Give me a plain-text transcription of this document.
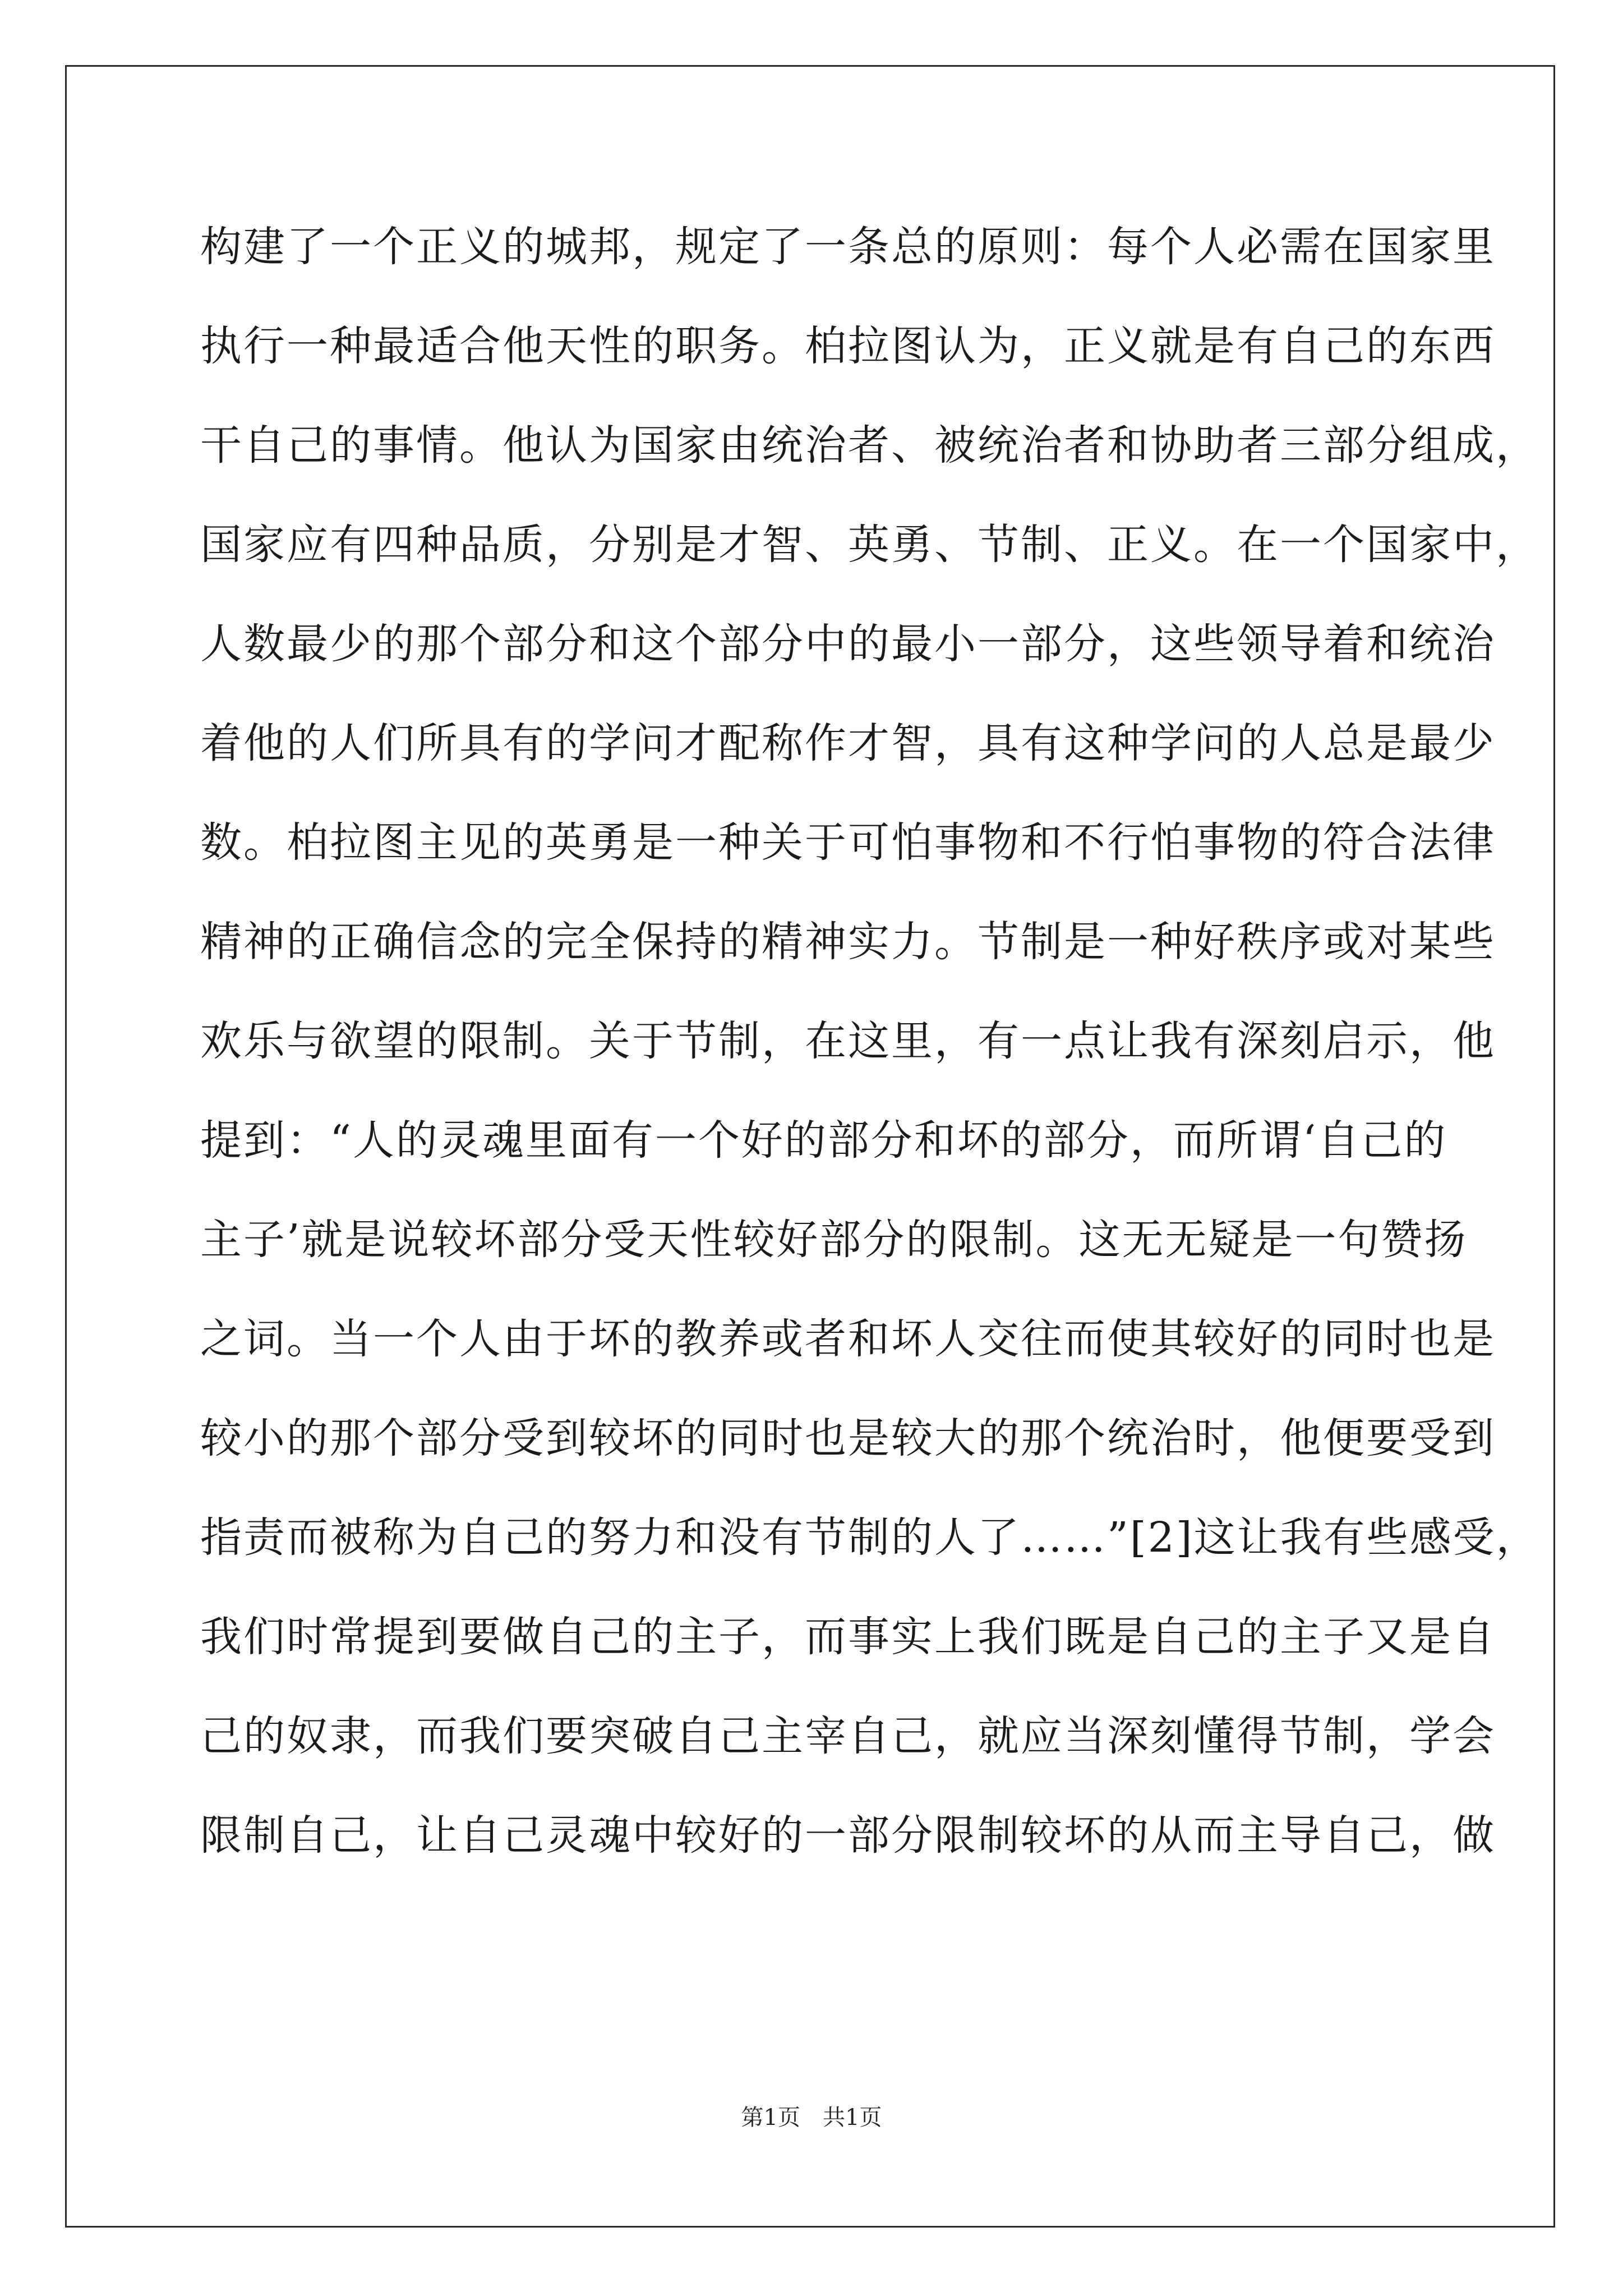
构建了一个正义的城邦，规定了一条总的原则：每个人必需在国家里
执行一种最适合他天性的职务。柏拉图认为，正义就是有自己的东西
干自己的事情。他认为国家由统治者、被统治者和协助者三部分组成，
国家应有四种品质，分别是才智、英勇、节制、正义。在一个国家中，
人数最少的那个部分和这个部分中的最小一部分，这些领导着和统治
着他的人们所具有的学问才配称作才智，具有这种学问的人总是最少
数。柏拉图主见的英勇是一种关于可怕事物和不行怕事物的符合法律
精神的正确信念的完全保持的精神实力。节制是一种好秩序或对某些
欢乐与欲望的限制。关于节制，在这里，有一点让我有深刻启示，他
提到：“人的灵魂里面有一个好的部分和坏的部分，而所谓‘自己的
主子’就是说较坏部分受天性较好部分的限制。这无无疑是一句赞扬
之词。当一个人由于坏的教养或者和坏人交往而使其较好的同时也是
较小的那个部分受到较坏的同时也是较大的那个统治时，他便要受到
指责而被称为自己的努力和没有节制的人了……”[2]这让我有些感受，
我们时常提到要做自己的主子，而事实上我们既是自己的主子又是自
己的奴隶，而我们要突破自己主宰自己，就应当深刻懂得节制，学会
限制自己，让自己灵魂中较好的一部分限制较坏的从而主导自己，做
第1页　共1页
